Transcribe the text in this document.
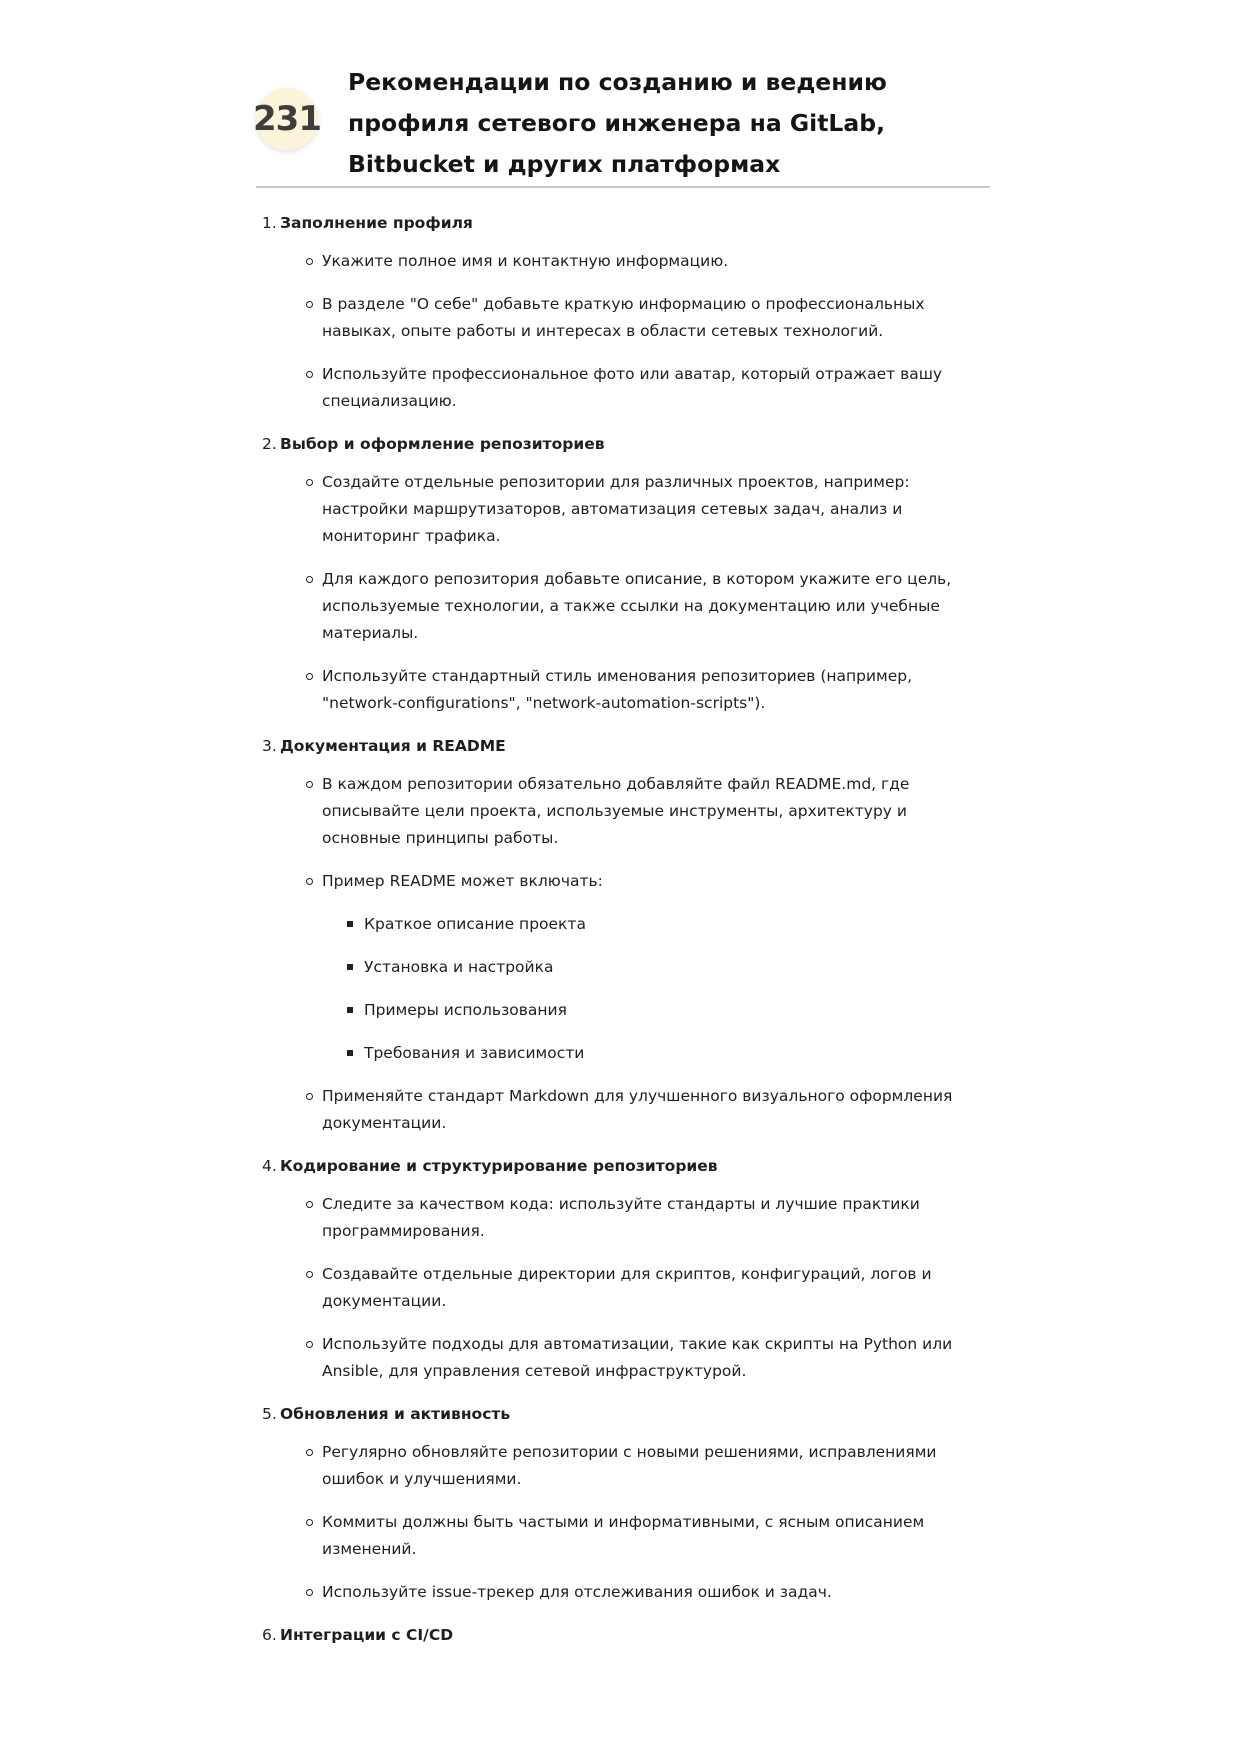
231
Рекомендации по созданию и ведению профиля сетевого инженера на GitLab, Bitbucket и других платформах
1. Заполнение профиля
Укажите полное имя и контактную информацию.
В разделе "О себе" добавьте краткую информацию о профессиональных навыках, опыте работы и интересах в области сетевых технологий.
Используйте профессиональное фото или аватар, который отражает вашу специализацию.
2. Выбор и оформление репозиториев
Создайте отдельные репозитории для различных проектов, например: настройки маршрутизаторов, автоматизация сетевых задач, анализ и мониторинг трафика.
Для каждого репозитория добавьте описание, в котором укажите его цель, используемые технологии, а также ссылки на документацию или учебные материалы.
Используйте стандартный стиль именования репозиториев (например, "network-configurations", "network-automation-scripts").
3. Документация и README
В каждом репозитории обязательно добавляйте файл README.md, где описывайте цели проекта, используемые инструменты, архитектуру и основные принципы работы.
Пример README может включать:
Краткое описание проекта
Установка и настройка
Примеры использования
Требования и зависимости
Применяйте стандарт Markdown для улучшенного визуального оформления документации.
4. Кодирование и структурирование репозиториев
Следите за качеством кода: используйте стандарты и лучшие практики программирования.
Создавайте отдельные директории для скриптов, конфигураций, логов и документации.
Используйте подходы для автоматизации, такие как скрипты на Python или Ansible, для управления сетевой инфраструктурой.
5. Обновления и активность
Регулярно обновляйте репозитории с новыми решениями, исправлениями ошибок и улучшениями.
Коммиты должны быть частыми и информативными, с ясным описанием изменений.
Используйте issue-трекер для отслеживания ошибок и задач.
6. Интеграции с CI/CD
